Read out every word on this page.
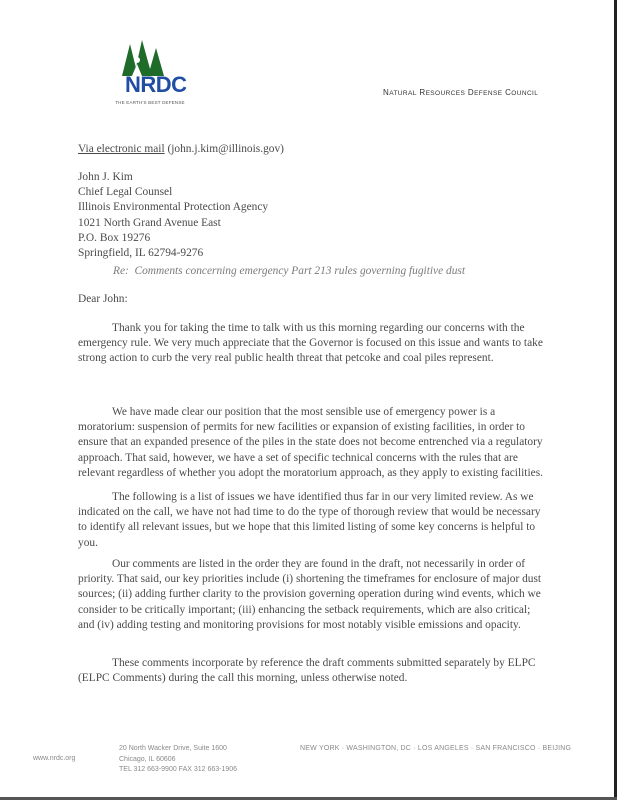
NRDC
THE EARTH'S BEST DEFENSE
NATURAL RESOURCES DEFENSE COUNCIL
Via electronic mail (john.j.kim@illinois.gov)
John J. Kim
Chief Legal Counsel
Illinois Environmental Protection Agency
1021 North Grand Avenue East
P.O. Box 19276
Springfield, IL 62794-9276
Re: Comments concerning emergency Part 213 rules governing fugitive dust
Dear John:

Thank you for taking the time to talk with us this morning regarding our concerns with the emergency rule. We very much appreciate that the Governor is focused on this issue and wants to take strong action to curb the very real public health threat that petcoke and coal piles represent.

We have made clear our position that the most sensible use of emergency power is a moratorium: suspension of permits for new facilities or expansion of existing facilities, in order to ensure that an expanded presence of the piles in the state does not become entrenched via a regulatory approach. That said, however, we have a set of specific technical concerns with the rules that are relevant regardless of whether you adopt the moratorium approach, as they apply to existing facilities.

The following is a list of issues we have identified thus far in our very limited review. As we indicated on the call, we have not had time to do the type of thorough review that would be necessary to identify all relevant issues, but we hope that this limited listing of some key concerns is helpful to you.

Our comments are listed in the order they are found in the draft, not necessarily in order of priority. That said, our key priorities include (i) shortening the timeframes for enclosure of major dust sources; (ii) adding further clarity to the provision governing operation during wind events, which we consider to be critically important; (iii) enhancing the setback requirements, which are also critical; and (iv) adding testing and monitoring provisions for most notably visible emissions and opacity.

These comments incorporate by reference the draft comments submitted separately by ELPC (ELPC Comments) during the call this morning, unless otherwise noted.

www.nrdc.org
20 North Wacker Drive, Suite 1600
Chicago, IL 60606
TEL 312 663-9900 FAX 312 663-1906
NEW YORK · WASHINGTON, DC · LOS ANGELES · SAN FRANCISCO · BEIJING
